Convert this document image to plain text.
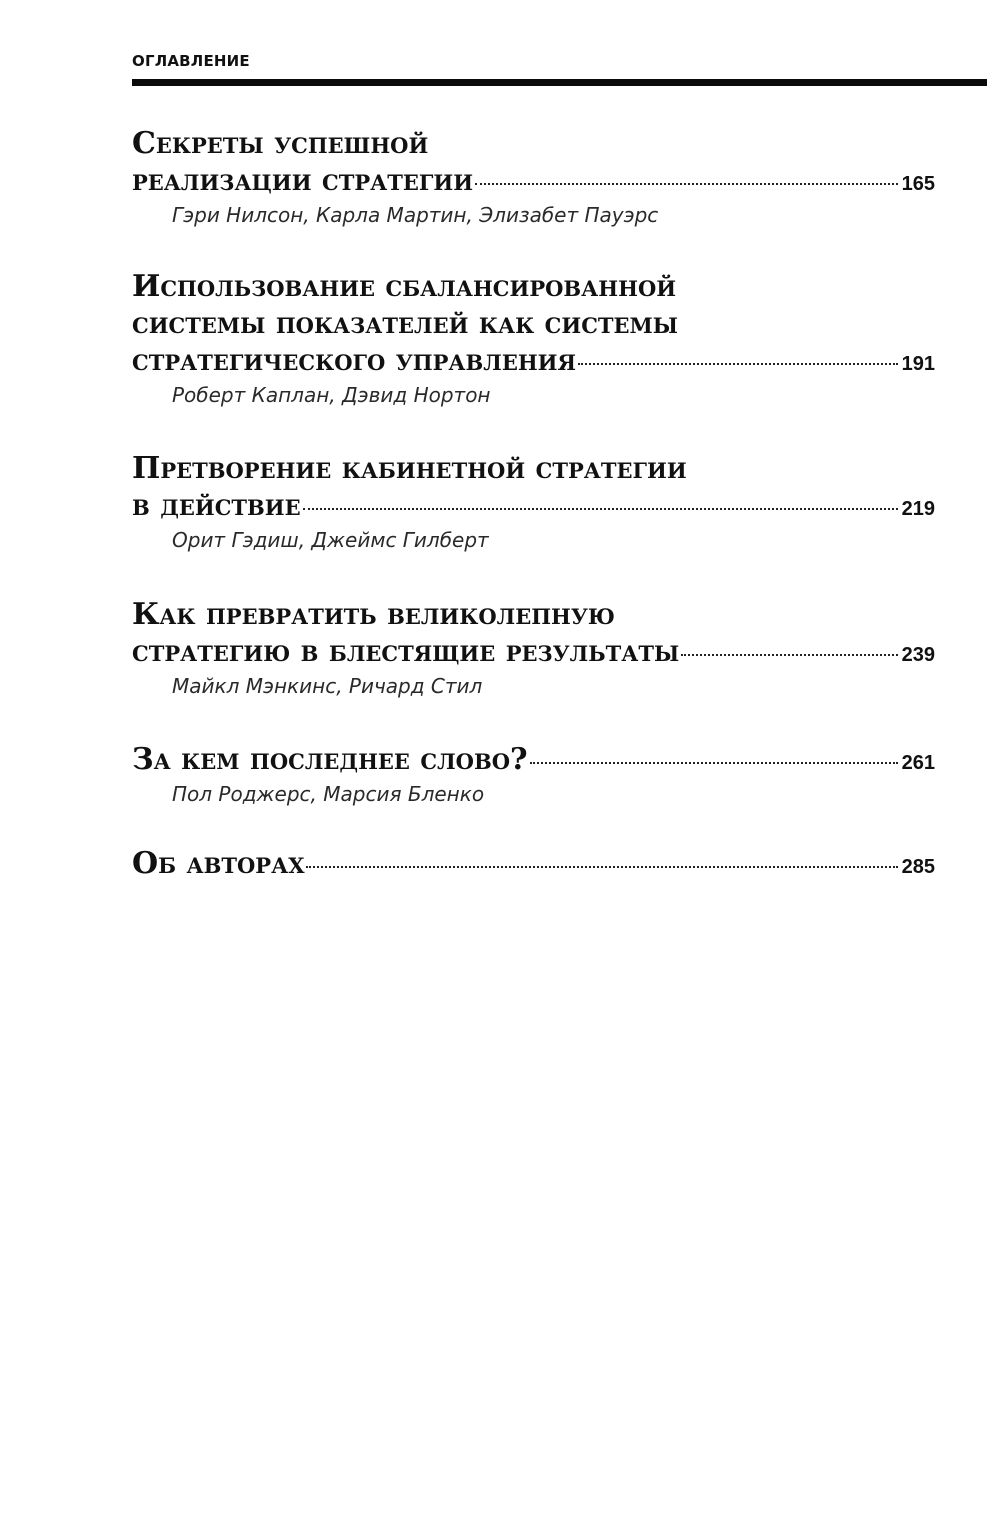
ОГЛАВЛЕНИЕ
Секреты успешной
реализации стратегии	165
Гэри Нилсон, Карла Мартин, Элизабет Пауэрс
Использование сбалансированной
системы показателей как системы
стратегического управления	191
Роберт Каплан, Дэвид Нортон
Претворение кабинетной стратегии
в действие	219
Орит Гэдиш, Джеймс Гилберт
Как превратить великолепную
стратегию в блестящие результаты	239
Майкл Мэнкинс, Ричард Стил
За кем последнее слово?	261
Пол Роджерс, Марсия Бленко
Об авторах	285
